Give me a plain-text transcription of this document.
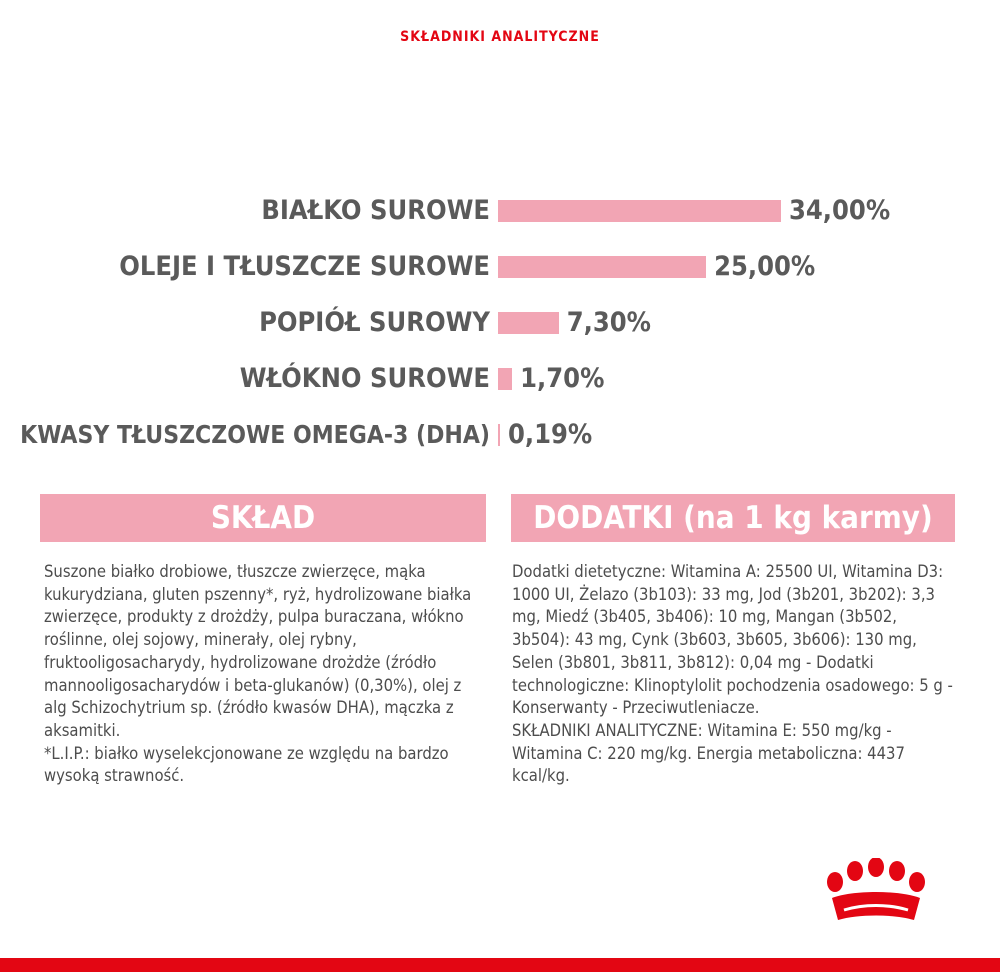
SKŁADNIKI ANALITYCZNE
BIAŁKO SUROWE	34,00%
OLEJE I TŁUSZCZE SUROWE	25,00%
POPIÓŁ SUROWY	7,30%
WŁÓKNO SUROWE 1,70%
KWASY TŁUSZCZOWE OMEGA-3 (DHA) 0,19%
SKŁAD

Suszone białko drobiowe, tłuszcze zwierzęce, mąka kukurydziana, gluten pszenny*, ryż, hydrolizowane białka zwierzęce, produkty z drożdży, pulpa buraczana, włókno roślinne, olej sojowy, minerały, olej rybny, fruktooligosacharydy, hydrolizowane drożdże (źródło mannooligosacharydów i beta-glukanów) (0,30%), olej z alg Schizochytrium sp. (źródło kwasów DHA), mączka z aksamitki.

*L.I.P.: białko wyselekcjonowane ze względu na bardzo wysoką strawność.

DODATKI (na 1 kg karmy)

Dodatki dietetyczne: Witamina A: 25500 UI, Witamina D3: 1000 UI, Żelazo (3b103): 33 mg, Jod (3b201, 3b202): 3,3 mg, Miedź (3b405, 3b406): 10 mg, Mangan (3b502, 3b504): 43 mg, Cynk (3b603, 3b605, 3b606): 130 mg, Selen (3b801, 3b811, 3b812): 0,04 mg - Dodatki technologiczne: Klinoptylolit pochodzenia osadowego: 5 g - Konserwanty - Przeciwutleniacze.

SKŁADNIKI ANALITYCZNE: Witamina E: 550 mg/kg - Witamina C: 220 mg/kg. Energia metaboliczna: 4437 kcal/kg.
